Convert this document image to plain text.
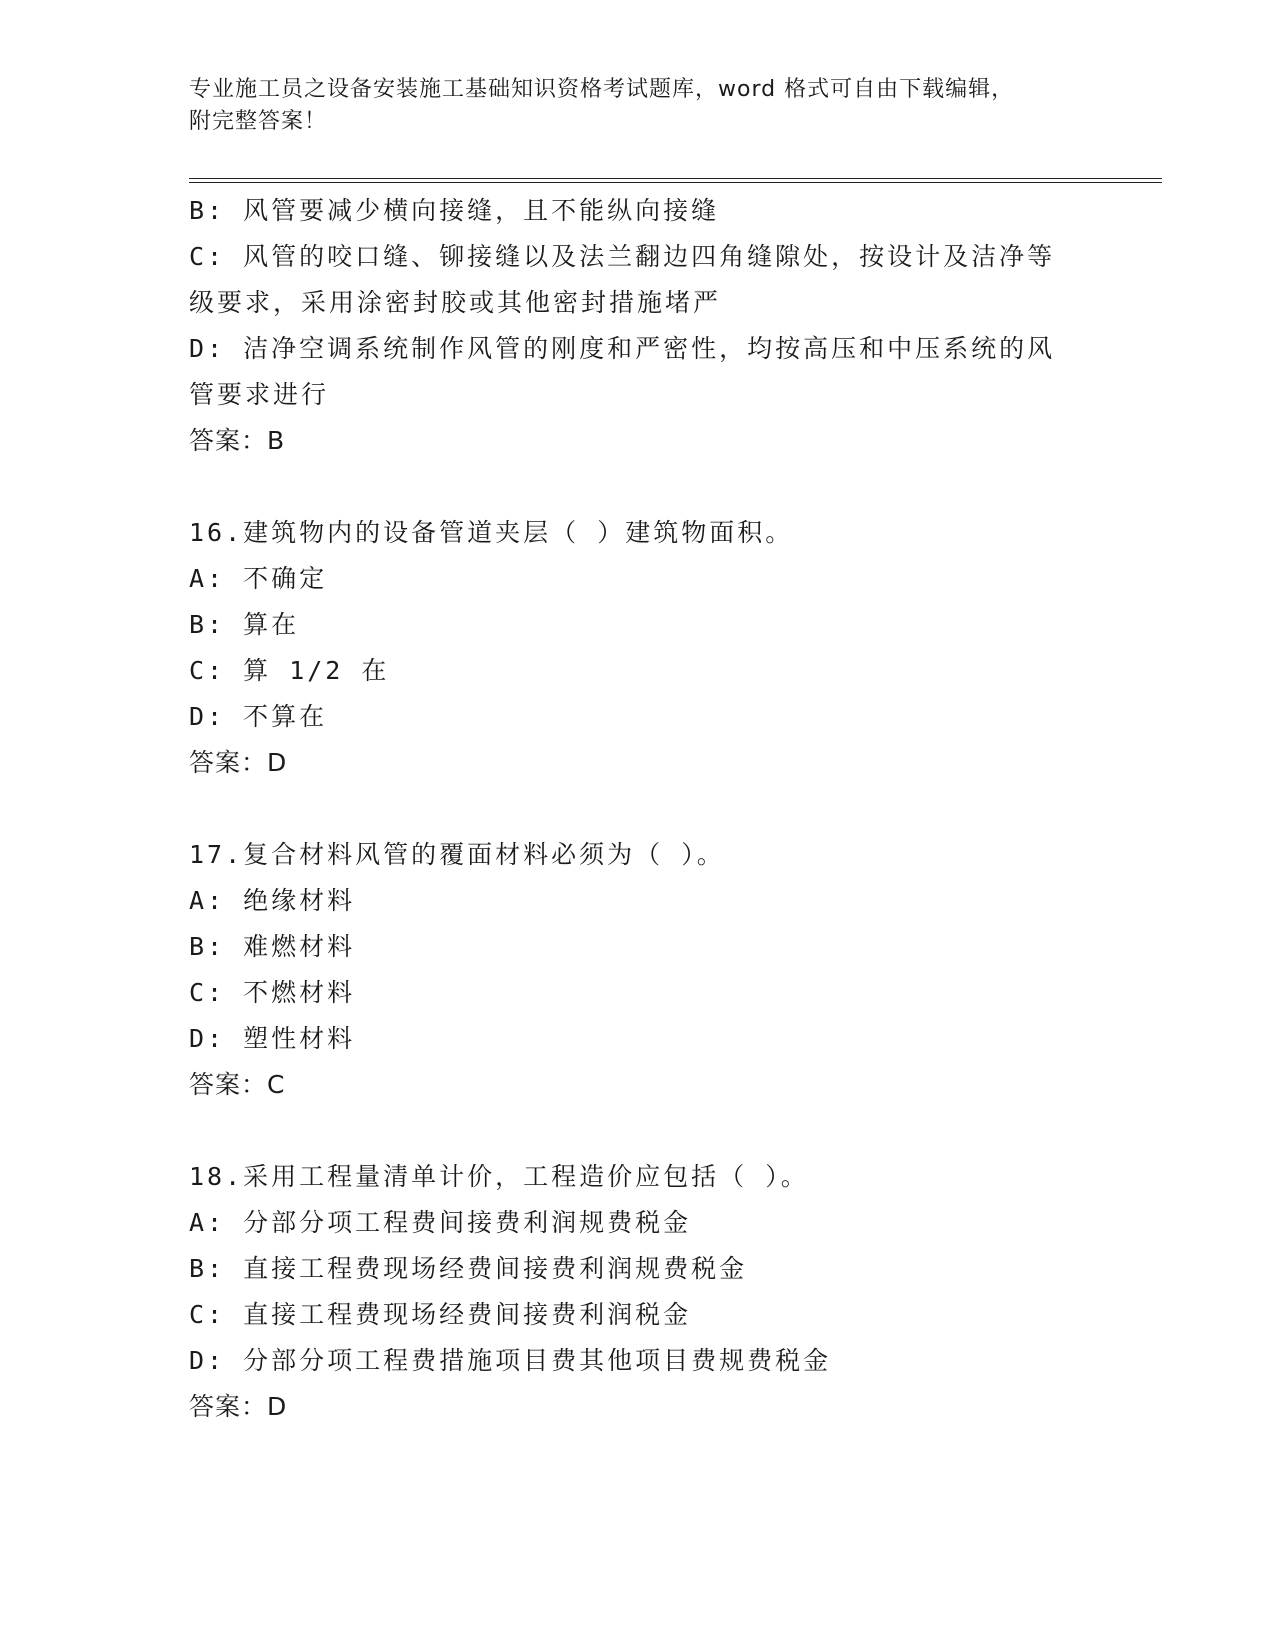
专业施工员之设备安装施工基础知识资格考试题库，word 格式可自由下载编辑，
附完整答案！
B: 风管要减少横向接缝，且不能纵向接缝
C: 风管的咬口缝、铆接缝以及法兰翻边四角缝隙处，按设计及洁净等
级要求，采用涂密封胶或其他密封措施堵严
D: 洁净空调系统制作风管的刚度和严密性，均按高压和中压系统的风
管要求进行
答案：B
16.建筑物内的设备管道夹层（ ）建筑物面积。
A: 不确定
B: 算在
C: 算 1/2 在
D: 不算在
答案：D
17.复合材料风管的覆面材料必须为（ ）。
A: 绝缘材料
B: 难燃材料
C: 不燃材料
D: 塑性材料
答案：C
18.采用工程量清单计价，工程造价应包括（ ）。
A: 分部分项工程费间接费利润规费税金
B: 直接工程费现场经费间接费利润规费税金
C: 直接工程费现场经费间接费利润税金
D: 分部分项工程费措施项目费其他项目费规费税金
答案：D
